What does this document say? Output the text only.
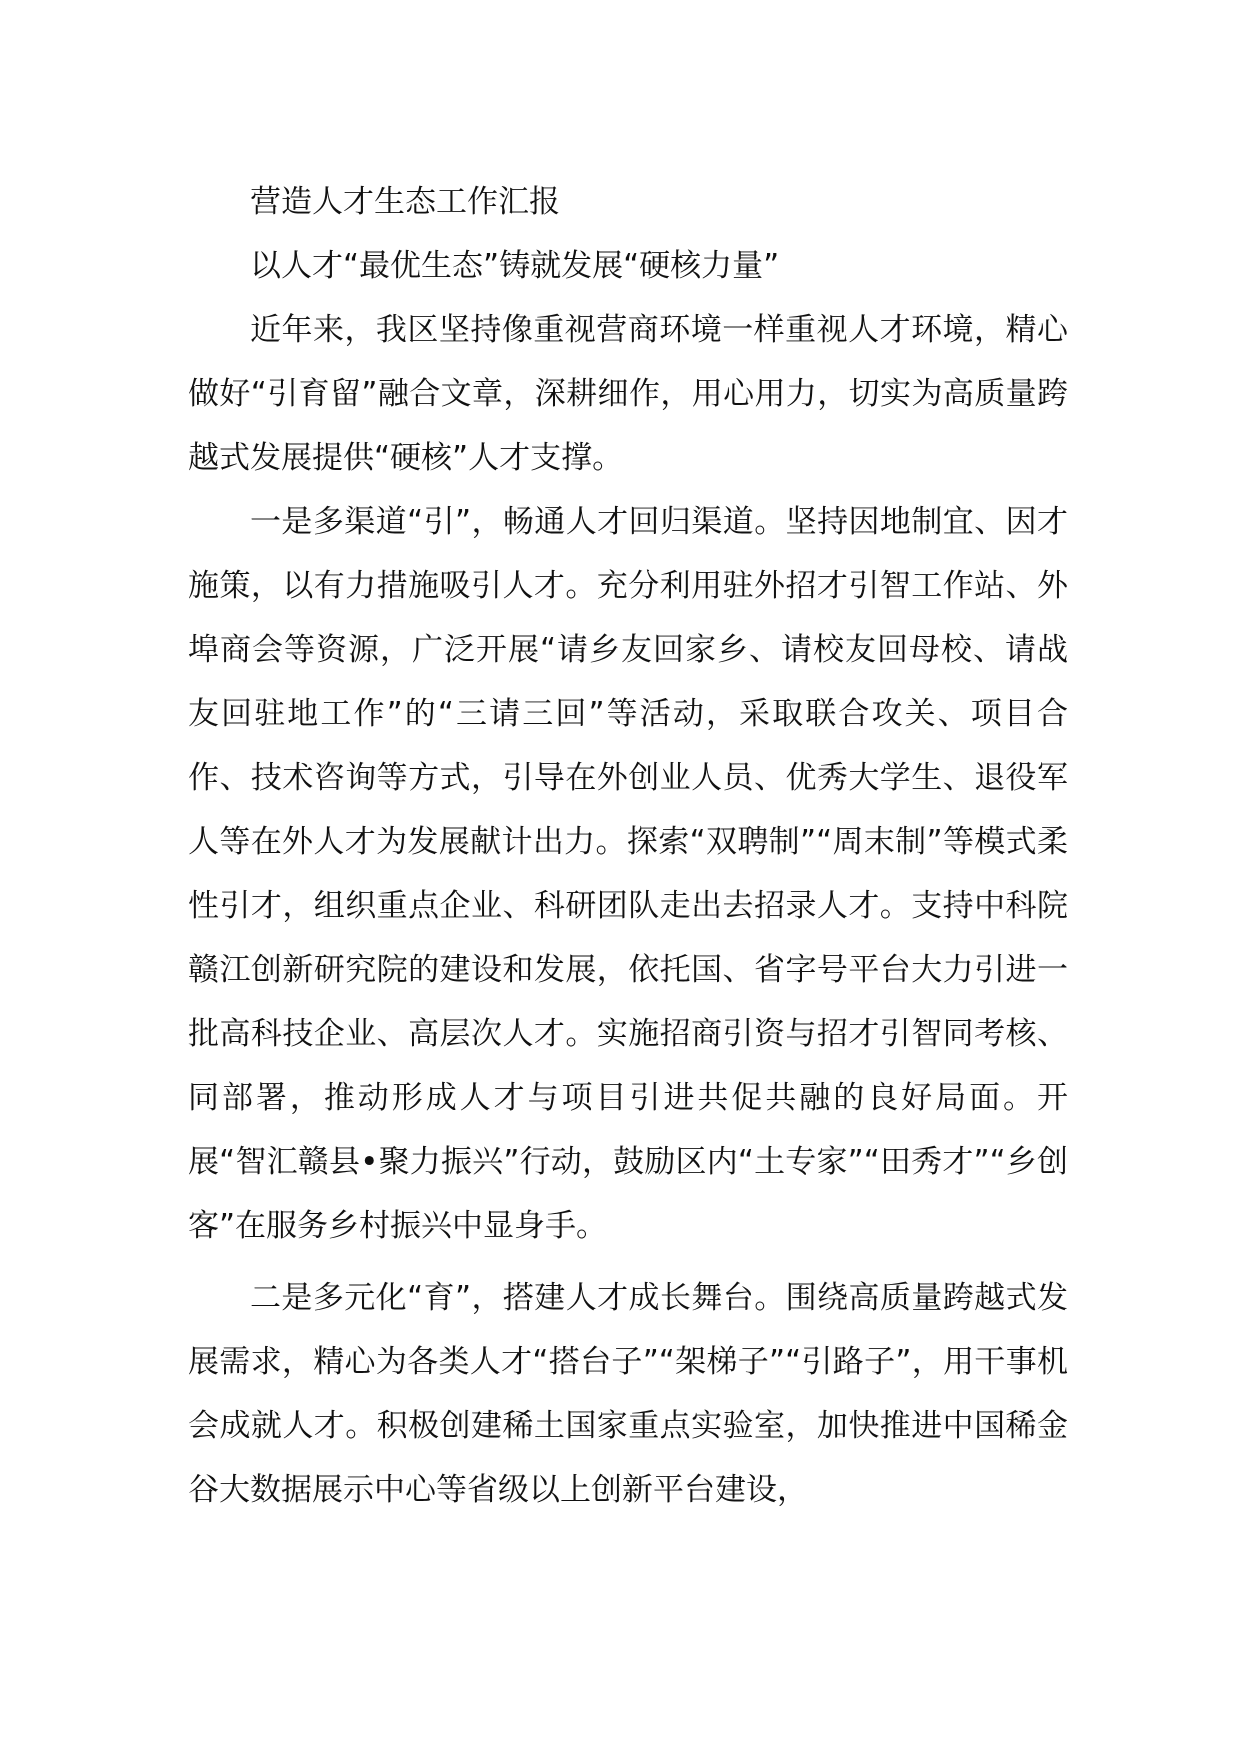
营造人才生态工作汇报

以人才“最优生态”铸就发展“硬核力量”

近年来，我区坚持像重视营商环境一样重视人才环境，精心做好“引育留”融合文章，深耕细作，用心用力，切实为高质量跨越式发展提供“硬核”人才支撑。

一是多渠道“引”，畅通人才回归渠道。坚持因地制宜、因才施策，以有力措施吸引人才。充分利用驻外招才引智工作站、外埠商会等资源，广泛开展“请乡友回家乡、请校友回母校、请战友回驻地工作”的“三请三回”等活动，采取联合攻关、项目合作、技术咨询等方式，引导在外创业人员、优秀大学生、退役军人等在外人才为发展献计出力。探索“双聘制”“周末制”等模式柔性引才，组织重点企业、科研团队走出去招录人才。支持中科院赣江创新研究院的建设和发展，依托国、省字号平台大力引进一批高科技企业、高层次人才。实施招商引资与招才引智同考核、同部署，推动形成人才与项目引进共促共融的良好局面。开展“智汇赣县•聚力振兴”行动，鼓励区内“土专家”“田秀才”“乡创客”在服务乡村振兴中显身手。

二是多元化“育”，搭建人才成长舞台。围绕高质量跨越式发展需求，精心为各类人才“搭台子”“架梯子”“引路子”，用干事机会成就人才。积极创建稀土国家重点实验室，加快推进中国稀金谷大数据展示中心等省级以上创新平台建设，
